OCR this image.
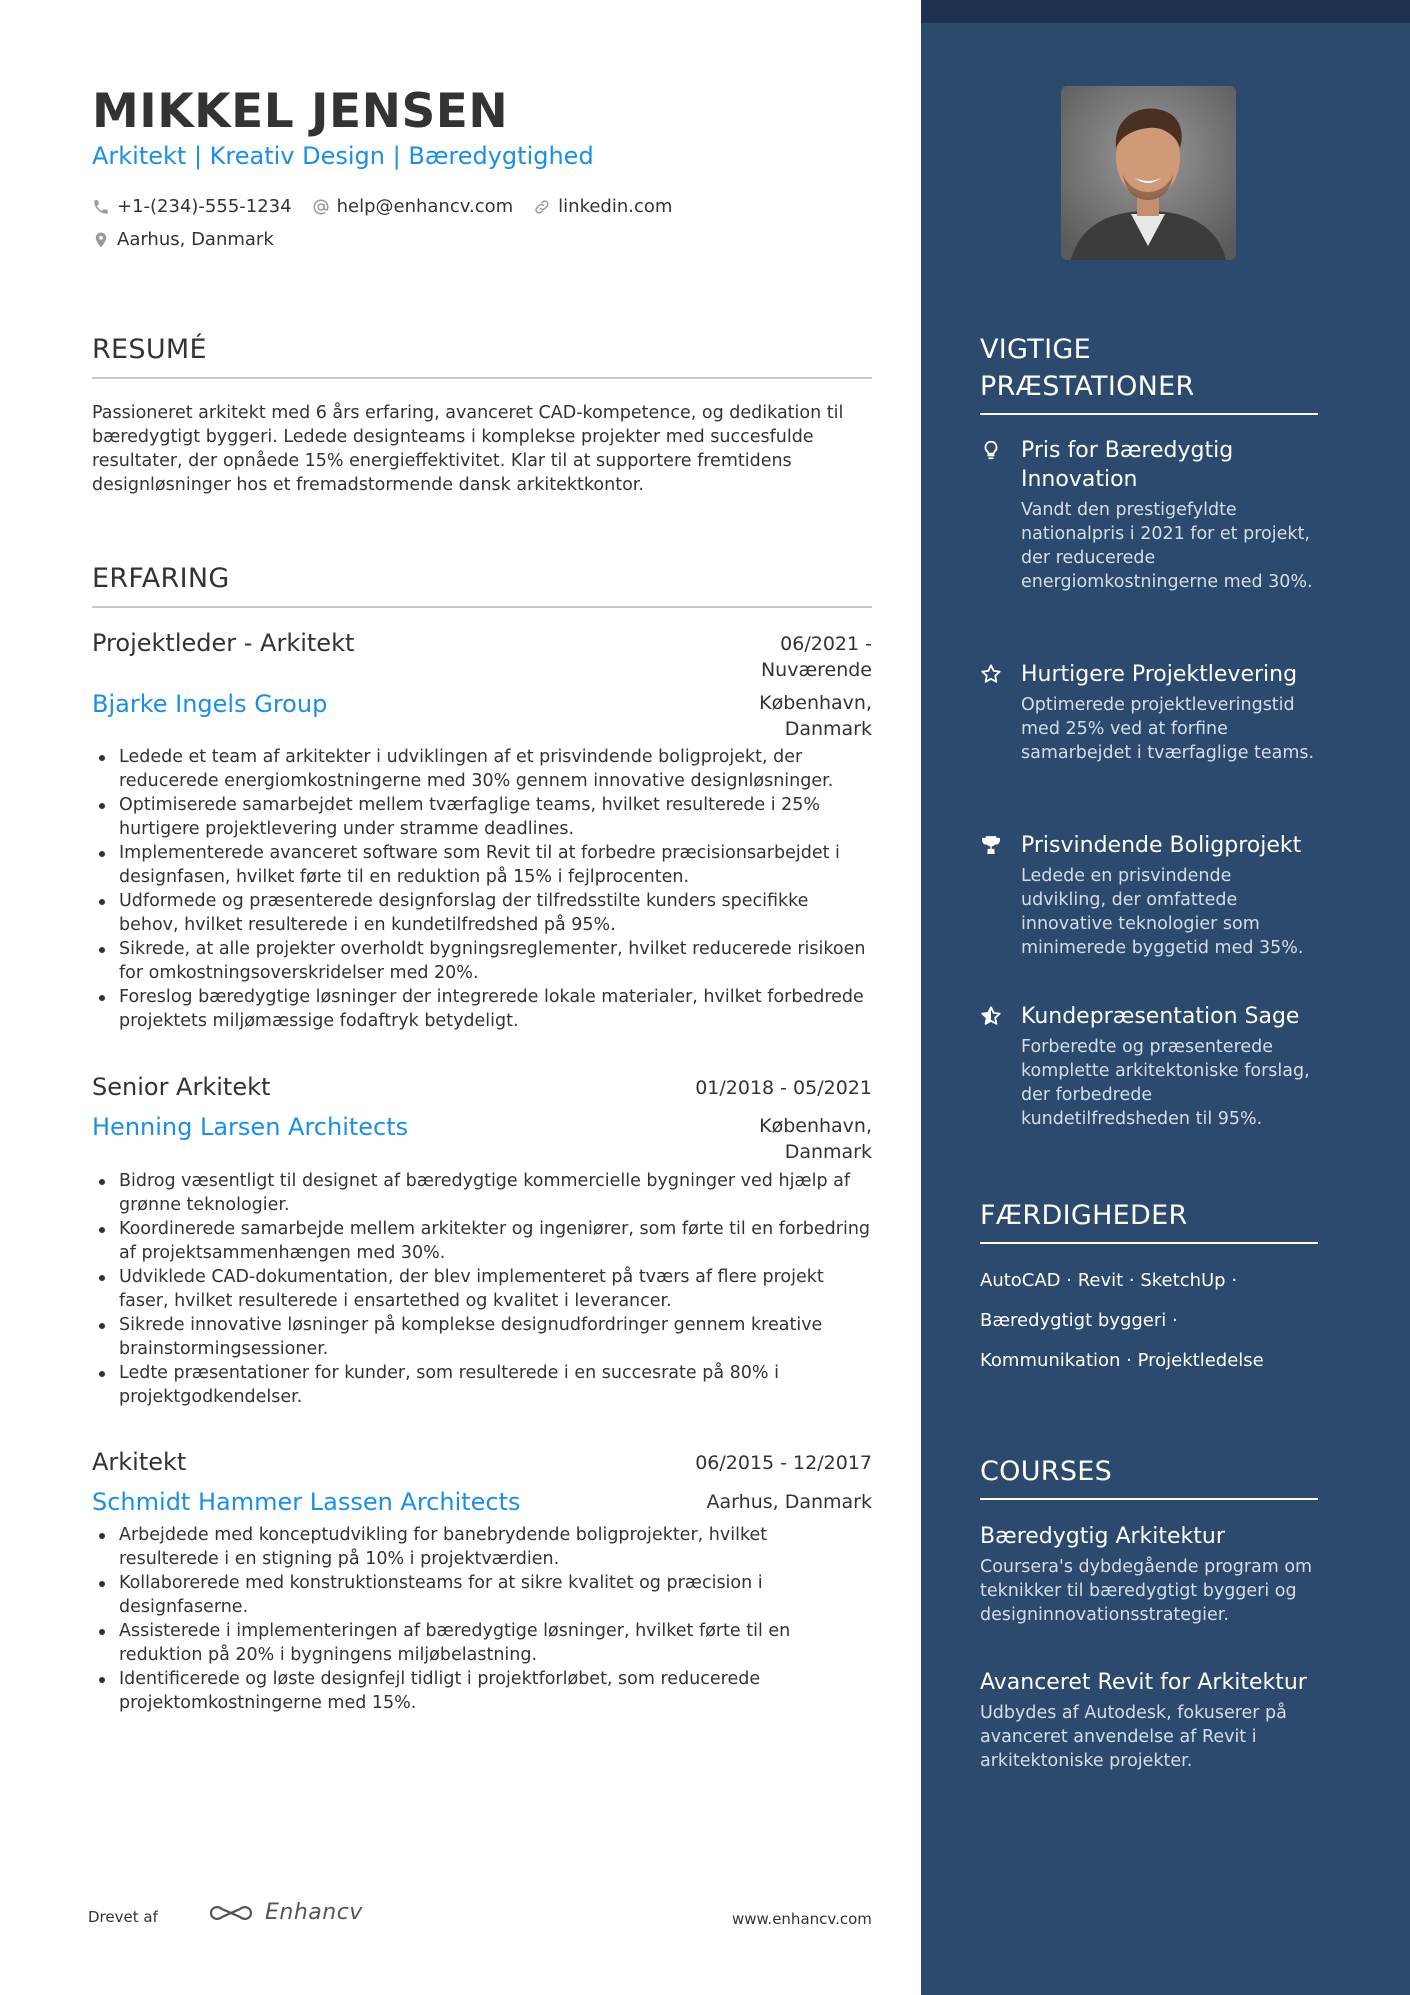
MIKKEL JENSEN
Arkitekt | Kreativ Design | Bæredygtighed
+1-(234)-555-1234	help@enhancv.com	linkedin.com
Aarhus, Danmark
RESUMÉ
Passioneret arkitekt med 6 års erfaring, avanceret CAD-kompetence, og dedikation til bæredygtigt byggeri. Ledede designteams i komplekse projekter med succesfulde resultater, der opnåede 15% energieffektivitet. Klar til at supportere fremtidens designløsninger hos et fremadstormende dansk arkitektkontor.
ERFARING
Projektleder - Arkitekt	06/2021 -
Nuværende
Bjarke Ingels Group	København,
Danmark
Ledede et team af arkitekter i udviklingen af et prisvindende boligprojekt, der reducerede energiomkostningerne med 30% gennem innovative designløsninger.
Optimiserede samarbejdet mellem tværfaglige teams, hvilket resulterede i 25% hurtigere projektlevering under stramme deadlines.
Implementerede avanceret software som Revit til at forbedre præcisionsarbejdet i designfasen, hvilket førte til en reduktion på 15% i fejlprocenten.
Udformede og præsenterede designforslag der tilfredsstilte kunders specifikke behov, hvilket resulterede i en kundetilfredshed på 95%.
Sikrede, at alle projekter overholdt bygningsreglementer, hvilket reducerede risikoen for omkostningsoverskridelser med 20%.
Foreslog bæredygtige løsninger der integrerede lokale materialer, hvilket forbedrede projektets miljømæssige fodaftryk betydeligt.
Senior Arkitekt	01/2018 - 05/2021
Henning Larsen Architects	København,
Danmark
Bidrog væsentligt til designet af bæredygtige kommercielle bygninger ved hjælp af grønne teknologier.
Koordinerede samarbejde mellem arkitekter og ingeniører, som førte til en forbedring af projektsammenhængen med 30%.
Udviklede CAD-dokumentation, der blev implementeret på tværs af flere projekt faser, hvilket resulterede i ensartethed og kvalitet i leverancer.
Sikrede innovative løsninger på komplekse designudfordringer gennem kreative brainstormingsessioner.
Ledte præsentationer for kunder, som resulterede i en succesrate på 80% i projektgodkendelser.
Arkitekt	06/2015 - 12/2017
Schmidt Hammer Lassen Architects	Aarhus, Danmark
Arbejdede med konceptudvikling for banebrydende boligprojekter, hvilket resulterede i en stigning på 10% i projektværdien.
Kollaborerede med konstruktionsteams for at sikre kvalitet og præcision i designfaserne.
Assisterede i implementeringen af bæredygtige løsninger, hvilket førte til en reduktion på 20% i bygningens miljøbelastning.
Identificerede og løste designfejl tidligt i projektforløbet, som reducerede projektomkostningerne med 15%.
VIGTIGE
PRÆSTATIONER
Pris for Bæredygtig Innovation
Vandt den prestigefyldte nationalpris i 2021 for et projekt, der reducerede energiomkostningerne med 30%.
Hurtigere Projektlevering
Optimerede projektleveringstid med 25% ved at forfine samarbejdet i tværfaglige teams.
Prisvindende Boligprojekt
Ledede en prisvindende udvikling, der omfattede innovative teknologier som minimerede byggetid med 35%.
Kundepræsentation Sage
Forberedte og præsenterede komplette arkitektoniske forslag, der forbedrede kundetilfredsheden til 95%.
FÆRDIGHEDER
AutoCAD · Revit · SketchUp ·
Bæredygtigt byggeri ·
Kommunikation · Projektledelse
COURSES
Bæredygtig Arkitektur
Coursera's dybdegående program om teknikker til bæredygtigt byggeri og designinnovationsstrategier.
Avanceret Revit for Arkitektur
Udbydes af Autodesk, fokuserer på avanceret anvendelse af Revit i arkitektoniske projekter.
Drevet af	Enhancv	www.enhancv.com
